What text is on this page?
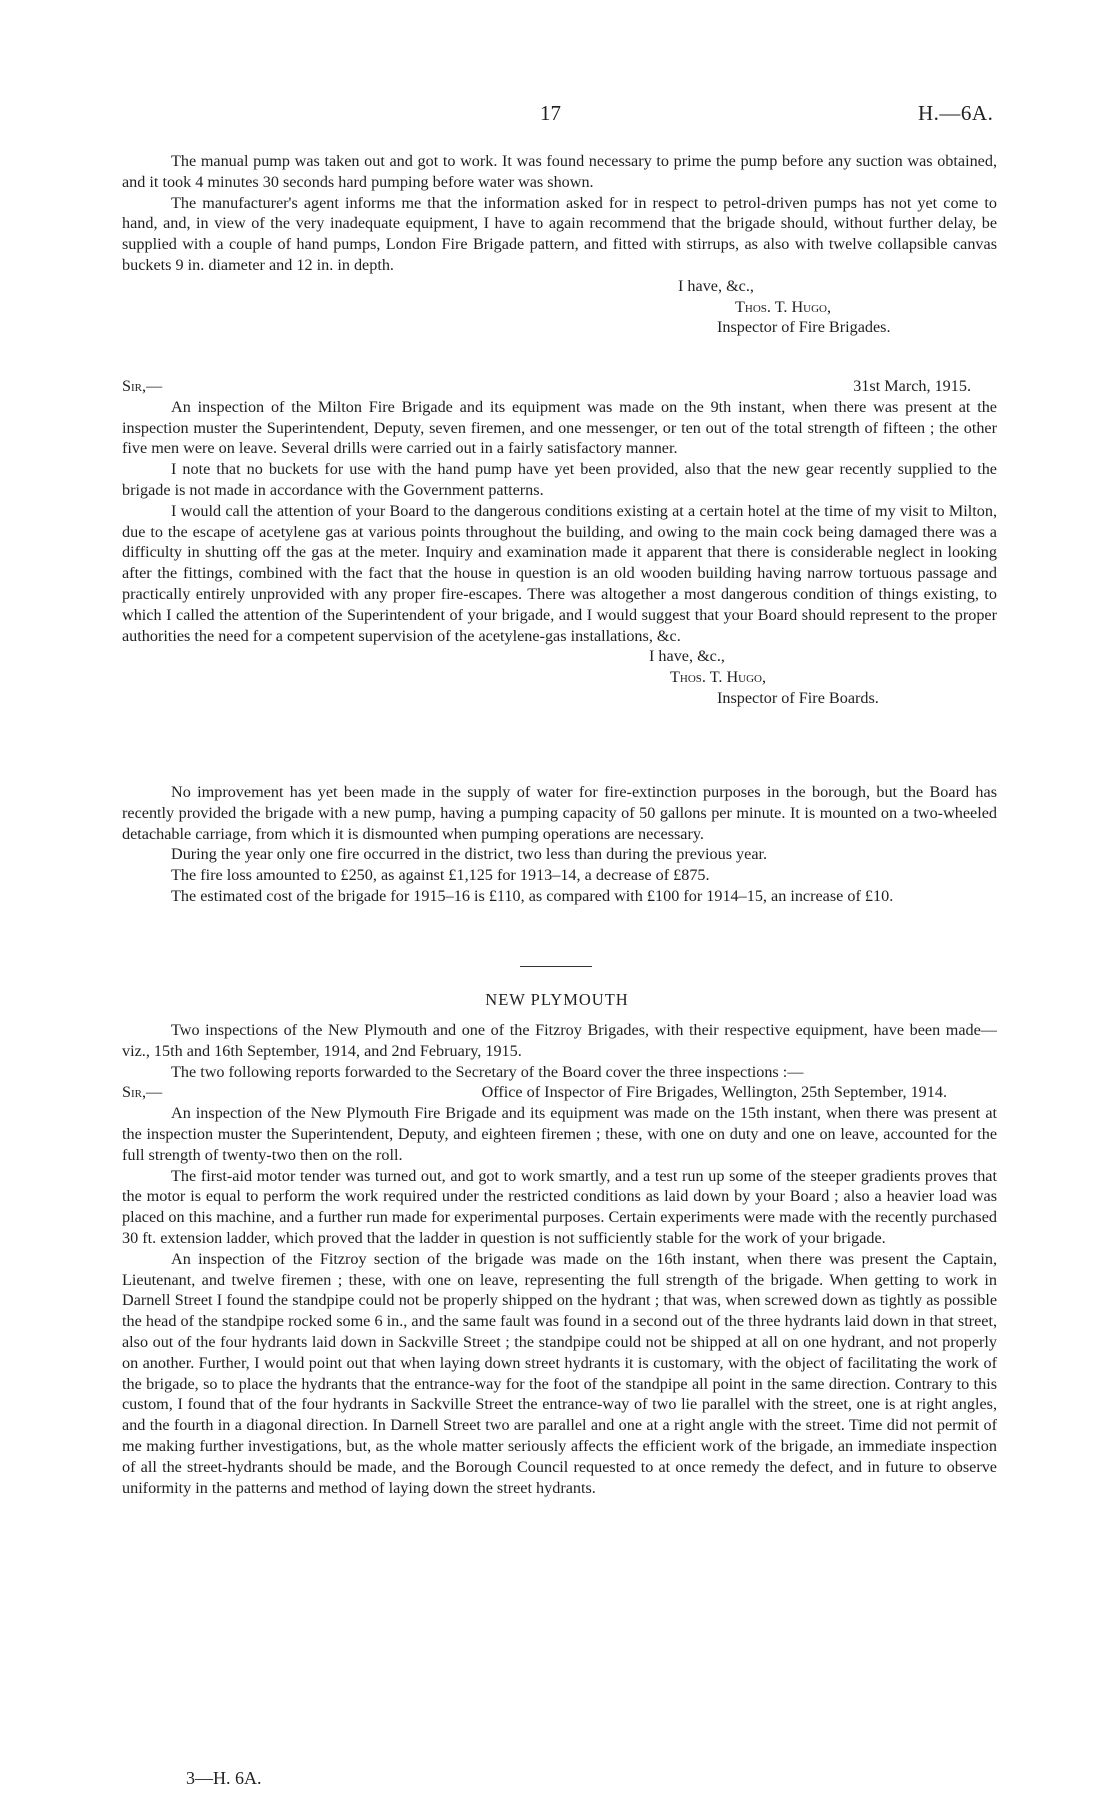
17	H.—6A.

The manual pump was taken out and got to work. It was found necessary to prime the pump before any suction was obtained, and it took 4 minutes 30 seconds hard pumping before water was shown.

The manufacturer's agent informs me that the information asked for in respect to petrol-driven pumps has not yet come to hand, and, in view of the very inadequate equipment, I have to again recommend that the brigade should, without further delay, be supplied with a couple of hand pumps, London Fire Brigade pattern, and fitted with stirrups, as also with twelve collapsible canvas buckets 9 in. diameter and 12 in. in depth.

I have, &c.,

Thos. T. Hugo,

Inspector of Fire Brigades.

Sir,—	31st March, 1915.

An inspection of the Milton Fire Brigade and its equipment was made on the 9th instant, when there was present at the inspection muster the Superintendent, Deputy, seven firemen, and one messenger, or ten out of the total strength of fifteen ; the other five men were on leave. Several drills were carried out in a fairly satisfactory manner.

I note that no buckets for use with the hand pump have yet been provided, also that the new gear recently supplied to the brigade is not made in accordance with the Government patterns.

I would call the attention of your Board to the dangerous conditions existing at a certain hotel at the time of my visit to Milton, due to the escape of acetylene gas at various points throughout the building, and owing to the main cock being damaged there was a difficulty in shutting off the gas at the meter. Inquiry and examination made it apparent that there is considerable neglect in looking after the fittings, combined with the fact that the house in question is an old wooden building having narrow tortuous passage and practically entirely unprovided with any proper fire-escapes. There was altogether a most dangerous condition of things existing, to which I called the attention of the Superintendent of your brigade, and I would suggest that your Board should represent to the proper authorities the need for a competent supervision of the acetylene-gas installations, &c.

I have, &c.,

Thos. T. Hugo,

Inspector of Fire Boards.

No improvement has yet been made in the supply of water for fire-extinction purposes in the borough, but the Board has recently provided the brigade with a new pump, having a pumping capacity of 50 gallons per minute. It is mounted on a two-wheeled detachable carriage, from which it is dismounted when pumping operations are necessary.

During the year only one fire occurred in the district, two less than during the previous year.

The fire loss amounted to £250, as against £1,125 for 1913–14, a decrease of £875.

The estimated cost of the brigade for 1915–16 is £110, as compared with £100 for 1914–15, an increase of £10.

NEW PLYMOUTH

Two inspections of the New Plymouth and one of the Fitzroy Brigades, with their respective equipment, have been made—viz., 15th and 16th September, 1914, and 2nd February, 1915.

The two following reports forwarded to the Secretary of the Board cover the three inspections :—

Sir,—	Office of Inspector of Fire Brigades, Wellington, 25th September, 1914.

An inspection of the New Plymouth Fire Brigade and its equipment was made on the 15th instant, when there was present at the inspection muster the Superintendent, Deputy, and eighteen firemen ; these, with one on duty and one on leave, accounted for the full strength of twenty-two then on the roll.

The first-aid motor tender was turned out, and got to work smartly, and a test run up some of the steeper gradients proves that the motor is equal to perform the work required under the restricted conditions as laid down by your Board ; also a heavier load was placed on this machine, and a further run made for experimental purposes. Certain experiments were made with the recently purchased 30 ft. extension ladder, which proved that the ladder in question is not sufficiently stable for the work of your brigade.

An inspection of the Fitzroy section of the brigade was made on the 16th instant, when there was present the Captain, Lieutenant, and twelve firemen ; these, with one on leave, representing the full strength of the brigade. When getting to work in Darnell Street I found the standpipe could not be properly shipped on the hydrant ; that was, when screwed down as tightly as possible the head of the standpipe rocked some 6 in., and the same fault was found in a second out of the three hydrants laid down in that street, also out of the four hydrants laid down in Sackville Street ; the standpipe could not be shipped at all on one hydrant, and not properly on another. Further, I would point out that when laying down street hydrants it is customary, with the object of facilitating the work of the brigade, so to place the hydrants that the entrance-way for the foot of the standpipe all point in the same direction. Contrary to this custom, I found that of the four hydrants in Sackville Street the entrance-way of two lie parallel with the street, one is at right angles, and the fourth in a diagonal direction. In Darnell Street two are parallel and one at a right angle with the street. Time did not permit of me making further investigations, but, as the whole matter seriously affects the efficient work of the brigade, an immediate inspection of all the street-hydrants should be made, and the Borough Council requested to at once remedy the defect, and in future to observe uniformity in the patterns and method of laying down the street hydrants.

3—H. 6A.
